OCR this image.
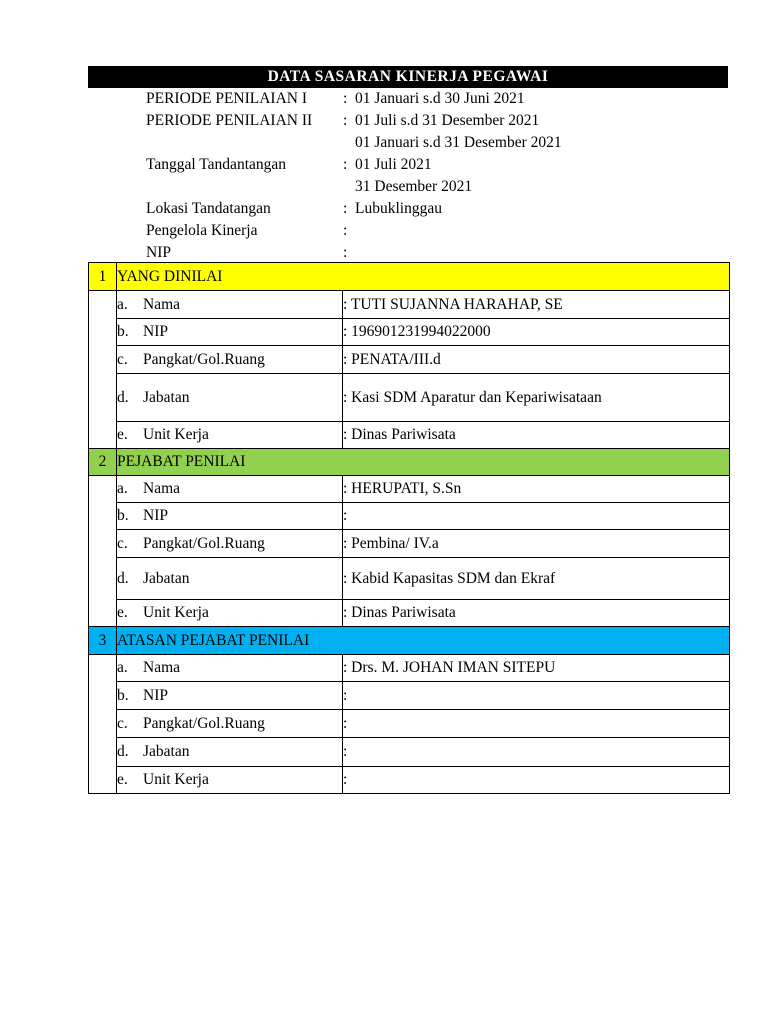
DATA SASARAN KINERJA PEGAWAI
PERIODE PENILAIAN I : 01 Januari s.d 30 Juni 2021
PERIODE PENILAIAN II : 01 Juli s.d 31 Desember 2021
01 Januari s.d 31 Desember 2021
Tanggal Tandantangan	: 01 Juli 2021
31 Desember 2021
Lokasi Tandatangan	: Lubuklinggau
Pengelola Kinerja	:
NIP	:
1	YANG DINILAI	
	a. Nama	: TUTI SUJANNA HARAHAP, SE
	b. NIP	: 196901231994022000
	c. Pangkat/Gol.Ruang	: PENATA/III.d
	d. Jabatan	: Kasi SDM Aparatur dan Kepariwisataan
	e. Unit Kerja	: Dinas Pariwisata
2	PEJABAT PENILAI	
	a. Nama	: HERUPATI, S.Sn
	b. NIP	:
	c. Pangkat/Gol.Ruang	: Pembina/ IV.a
	d. Jabatan	: Kabid Kapasitas SDM dan Ekraf
	e. Unit Kerja	: Dinas Pariwisata
3	ATASAN PEJABAT PENILAI	
	a. Nama	: Drs. M. JOHAN IMAN SITEPU
	b. NIP	:
	c. Pangkat/Gol.Ruang	:
	d. Jabatan	:
	e. Unit Kerja	:
